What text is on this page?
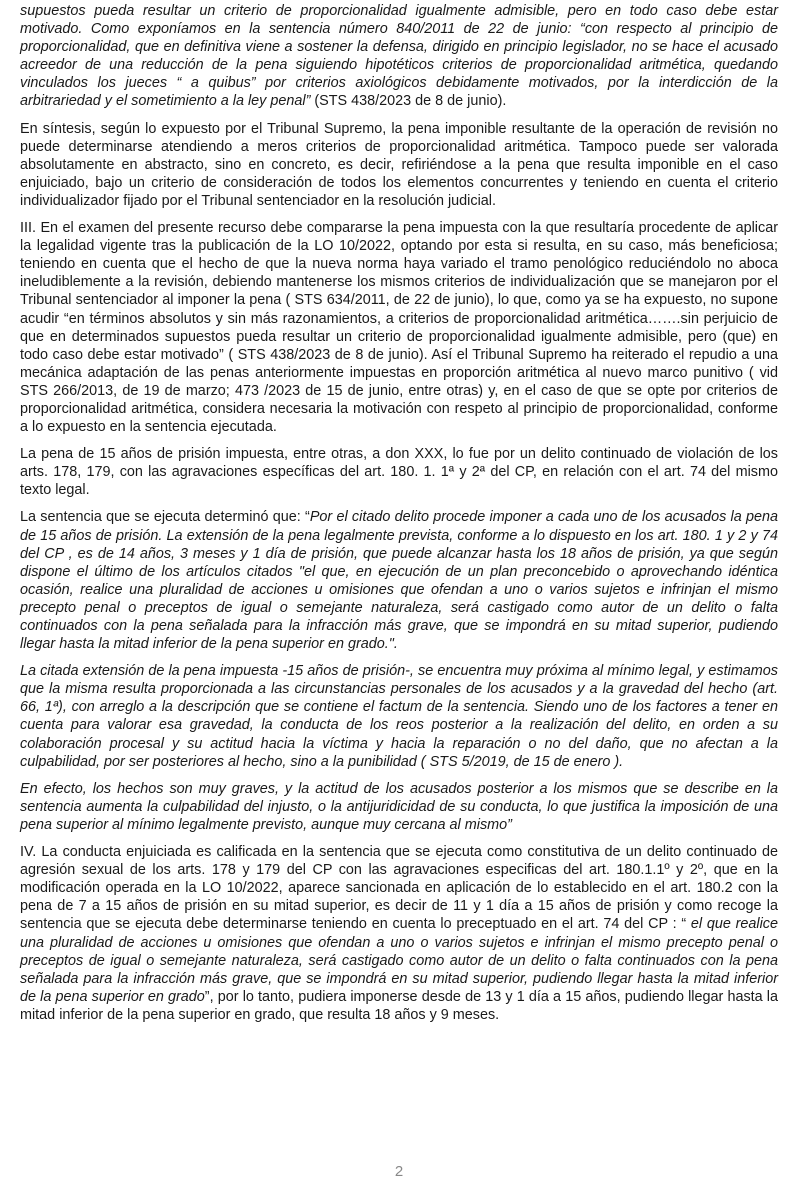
supuestos pueda resultar un criterio de proporcionalidad igualmente admisible, pero en todo caso debe estar motivado. Como exponíamos en la sentencia número 840/2011 de 22 de junio: “con respecto al principio de proporcionalidad, que en definitiva viene a sostener la defensa, dirigido en principio legislador, no se hace el acusado acreedor de una reducción de la pena siguiendo hipotéticos criterios de proporcionalidad aritmética, quedando vinculados los jueces “ a quibus” por criterios axiológicos debidamente motivados, por la interdicción de la arbitrariedad y el sometimiento a la ley penal” (STS 438/2023 de 8 de junio).

En síntesis, según lo expuesto por el Tribunal Supremo, la pena imponible resultante de la operación de revisión no puede determinarse atendiendo a meros criterios de proporcionalidad aritmética. Tampoco puede ser valorada absolutamente en abstracto, sino en concreto, es decir, refiriéndose a la pena que resulta imponible en el caso enjuiciado, bajo un criterio de consideración de todos los elementos concurrentes y teniendo en cuenta el criterio individualizador fijado por el Tribunal sentenciador en la resolución judicial.

III. En el examen del presente recurso debe compararse la pena impuesta con la que resultaría procedente de aplicar la legalidad vigente tras la publicación de la LO 10/2022, optando por esta si resulta, en su caso, más beneficiosa; teniendo en cuenta que el hecho de que la nueva norma haya variado el tramo penológico reduciéndolo no aboca ineludiblemente a la revisión, debiendo mantenerse los mismos criterios de individualización que se manejaron por el Tribunal sentenciador al imponer la pena ( STS 634/2011, de 22 de junio), lo que, como ya se ha expuesto, no supone acudir “en términos absolutos y sin más razonamientos, a criterios de proporcionalidad aritmética…….sin perjuicio de que en determinados supuestos pueda resultar un criterio de proporcionalidad igualmente admisible, pero (que) en todo caso debe estar motivado” ( STS 438/2023 de 8 de junio). Así el Tribunal Supremo ha reiterado el repudio a una mecánica adaptación de las penas anteriormente impuestas en proporción aritmética al nuevo marco punitivo ( vid STS 266/2013, de 19 de marzo; 473 /2023 de 15 de junio, entre otras) y, en el caso de que se opte por criterios de proporcionalidad aritmética, considera necesaria la motivación con respeto al principio de proporcionalidad, conforme a lo expuesto en la sentencia ejecutada.

La pena de 15 años de prisión impuesta, entre otras, a don XXX, lo fue por un delito continuado de violación de los arts. 178, 179, con las agravaciones específicas del art. 180. 1. 1ª y 2ª del CP, en relación con el art. 74 del mismo texto legal.

La sentencia que se ejecuta determinó que: “Por el citado delito procede imponer a cada uno de los acusados la pena de 15 años de prisión. La extensión de la pena legalmente prevista, conforme a lo dispuesto en los art. 180. 1 y 2 y 74 del CP , es de 14 años, 3 meses y 1 día de prisión, que puede alcanzar hasta los 18 años de prisión, ya que según dispone el último de los artículos citados "el que, en ejecución de un plan preconcebido o aprovechando idéntica ocasión, realice una pluralidad de acciones u omisiones que ofendan a uno o varios sujetos e infrinjan el mismo precepto penal o preceptos de igual o semejante naturaleza, será castigado como autor de un delito o falta continuados con la pena señalada para la infracción más grave, que se impondrá en su mitad superior, pudiendo llegar hasta la mitad inferior de la pena superior en grado.".

La citada extensión de la pena impuesta -15 años de prisión-, se encuentra muy próxima al mínimo legal, y estimamos que la misma resulta proporcionada a las circunstancias personales de los acusados y a la gravedad del hecho (art. 66, 1ª), con arreglo a la descripción que se contiene el factum de la sentencia. Siendo uno de los factores a tener en cuenta para valorar esa gravedad, la conducta de los reos posterior a la realización del delito, en orden a su colaboración procesal y su actitud hacia la víctima y hacia la reparación o no del daño, que no afectan a la culpabilidad, por ser posteriores al hecho, sino a la punibilidad ( STS 5/2019, de 15 de enero ).

En efecto, los hechos son muy graves, y la actitud de los acusados posterior a los mismos que se describe en la sentencia aumenta la culpabilidad del injusto, o la antijuridicidad de su conducta, lo que justifica la imposición de una pena superior al mínimo legalmente previsto, aunque muy cercana al mismo”

IV. La conducta enjuiciada es calificada en la sentencia que se ejecuta como constitutiva de un delito continuado de agresión sexual de los arts. 178 y 179 del CP con las agravaciones especificas del art. 180.1.1º y 2º, que en la modificación operada en la LO 10/2022, aparece sancionada en aplicación de lo establecido en el art. 180.2 con la pena de 7 a 15 años de prisión en su mitad superior, es decir de 11 y 1 día a 15 años de prisión y como recoge la sentencia que se ejecuta debe determinarse teniendo en cuenta lo preceptuado en el art. 74 del CP : “ el que realice una pluralidad de acciones u omisiones que ofendan a uno o varios sujetos e infrinjan el mismo precepto penal o preceptos de igual o semejante naturaleza, será castigado como autor de un delito o falta continuados con la pena señalada para la infracción más grave, que se impondrá en su mitad superior, pudiendo llegar hasta la mitad inferior de la pena superior en grado”, por lo tanto, pudiera imponerse desde de 13 y 1 día a 15 años, pudiendo llegar hasta la mitad inferior de la pena superior en grado, que resulta 18 años y 9 meses.

2
